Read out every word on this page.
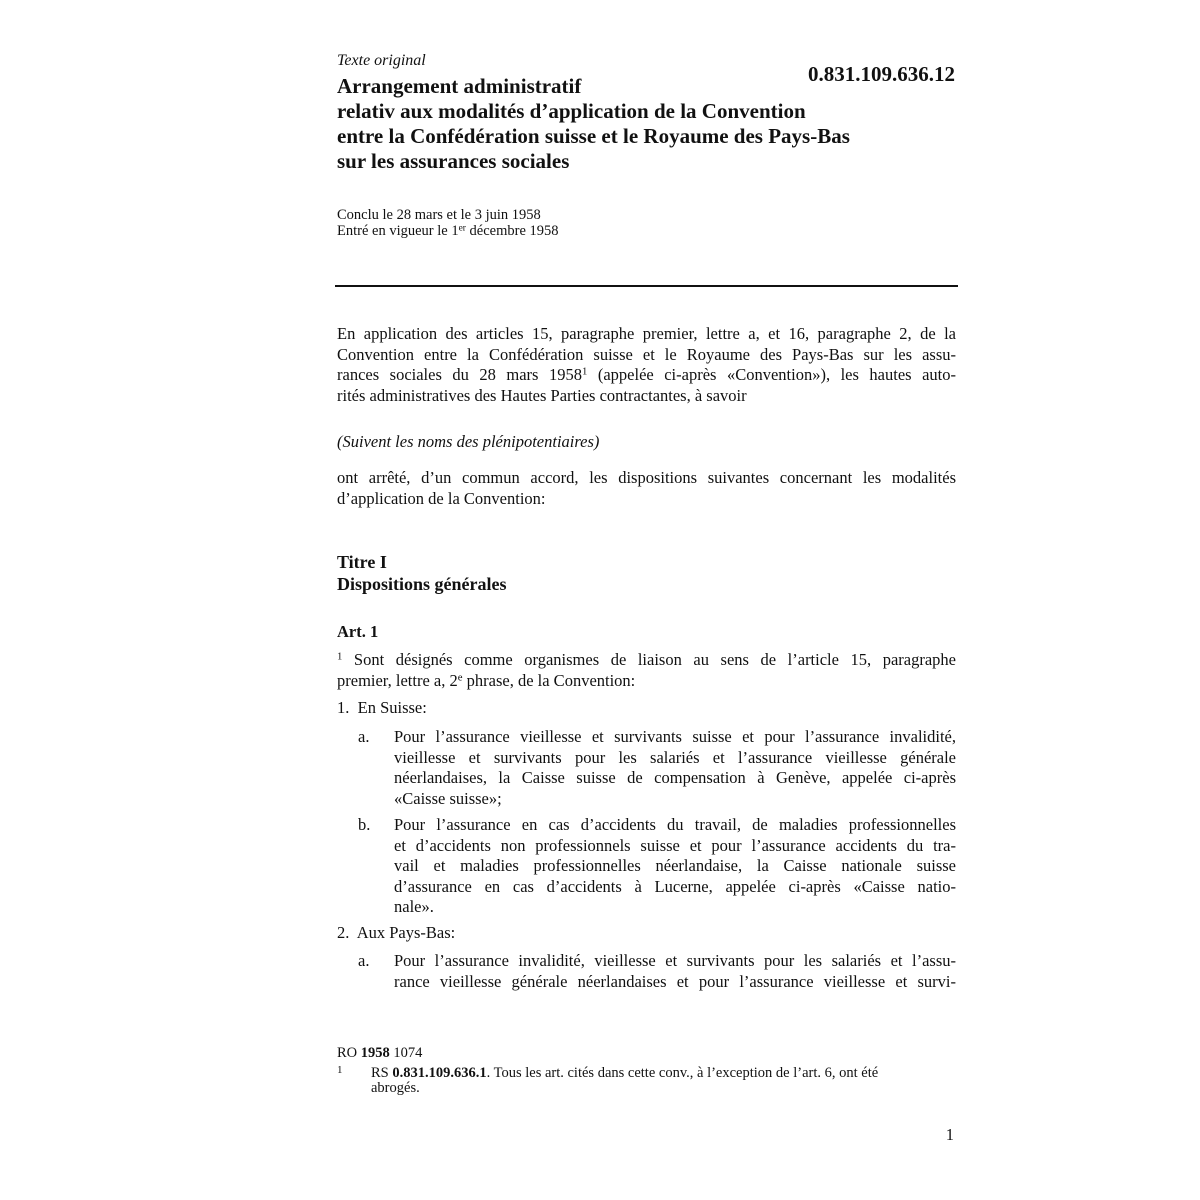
Texte original
0.831.109.636.12
Arrangement administratif
relativ aux modalités d’application de la Convention
entre la Confédération suisse et le Royaume des Pays-Bas
sur les assurances sociales
Conclu le 28 mars et le 3 juin 1958
Entré en vigueur le 1er décembre 1958
En application des articles 15, paragraphe premier, lettre a, et 16, paragraphe 2, de la
Convention entre la Confédération suisse et le Royaume des Pays-Bas sur les assu-
rances sociales du 28 mars 1958$^1$ (appelée ci-après «Convention»), les hautes auto-
rités administratives des Hautes Parties contractantes, à savoir
(Suivent les noms des plénipotentiaires)
ont arrêté, d’un commun accord, les dispositions suivantes concernant les modalités
d’application de la Convention:
Titre I
Dispositions générales
Art. 1
$^1$ Sont désignés comme organismes de liaison au sens de l’article 15, paragraphe
premier, lettre a, 2e phrase, de la Convention:
1.  En Suisse:
a. Pour l’assurance vieillesse et survivants suisse et pour l’assurance invalidité,
vieillesse et survivants pour les salariés et l’assurance vieillesse générale
néerlandaises, la Caisse suisse de compensation à Genève, appelée ci-après
«Caisse suisse»;
b. Pour l’assurance en cas d’accidents du travail, de maladies professionnelles
et d’accidents non professionnels suisse et pour l’assurance accidents du tra-
vail et maladies professionnelles néerlandaise, la Caisse nationale suisse
d’assurance en cas d’accidents à Lucerne, appelée ci-après «Caisse natio-
nale».
2.  Aux Pays-Bas:
a. Pour l’assurance invalidité, vieillesse et survivants pour les salariés et l’assu-
rance vieillesse générale néerlandaises et pour l’assurance vieillesse et survi-
RO 1958 1074
1 RS 0.831.109.636.1. Tous les art. cités dans cette conv., à l’exception de l’art. 6, ont été
abrogés.
1
